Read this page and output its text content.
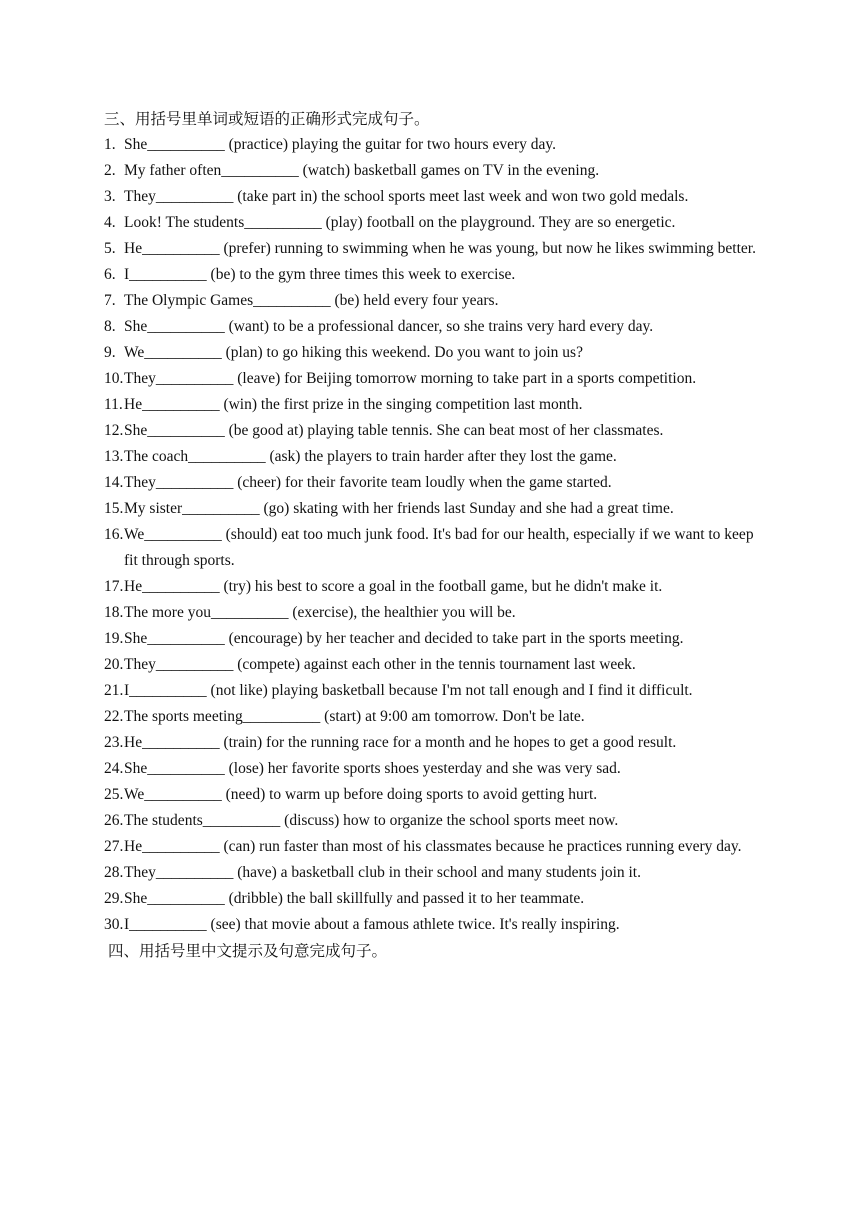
三、用括号里单词或短语的正确形式完成句子。
1. She__________ (practice) playing the guitar for two hours every day.
2. My father often__________ (watch) basketball games on TV in the evening.
3. They__________ (take part in) the school sports meet last week and won two gold medals.
4. Look! The students__________ (play) football on the playground. They are so energetic.
5. He__________ (prefer) running to swimming when he was young, but now he likes swimming better.
6. I__________ (be) to the gym three times this week to exercise.
7. The Olympic Games__________ (be) held every four years.
8. She__________ (want) to be a professional dancer, so she trains very hard every day.
9. We__________ (plan) to go hiking this weekend. Do you want to join us?
10. They__________ (leave) for Beijing tomorrow morning to take part in a sports competition.
11. He__________ (win) the first prize in the singing competition last month.
12. She__________ (be good at) playing table tennis. She can beat most of her classmates.
13. The coach__________ (ask) the players to train harder after they lost the game.
14. They__________ (cheer) for their favorite team loudly when the game started.
15. My sister__________ (go) skating with her friends last Sunday and she had a great time.
16. We__________ (should) eat too much junk food. It's bad for our health, especially if we want to keep fit through sports.
17. He__________ (try) his best to score a goal in the football game, but he didn't make it.
18. The more you__________ (exercise), the healthier you will be.
19. She__________ (encourage) by her teacher and decided to take part in the sports meeting.
20. They__________ (compete) against each other in the tennis tournament last week.
21. I__________ (not like) playing basketball because I'm not tall enough and I find it difficult.
22. The sports meeting__________ (start) at 9:00 am tomorrow. Don't be late.
23. He__________ (train) for the running race for a month and he hopes to get a good result.
24. She__________ (lose) her favorite sports shoes yesterday and she was very sad.
25. We__________ (need) to warm up before doing sports to avoid getting hurt.
26. The students__________ (discuss) how to organize the school sports meet now.
27. He__________ (can) run faster than most of his classmates because he practices running every day.
28. They__________ (have) a basketball club in their school and many students join it.
29. She__________ (dribble) the ball skillfully and passed it to her teammate.
30. I__________ (see) that movie about a famous athlete twice. It's really inspiring.
四、用括号里中文提示及句意完成句子。
